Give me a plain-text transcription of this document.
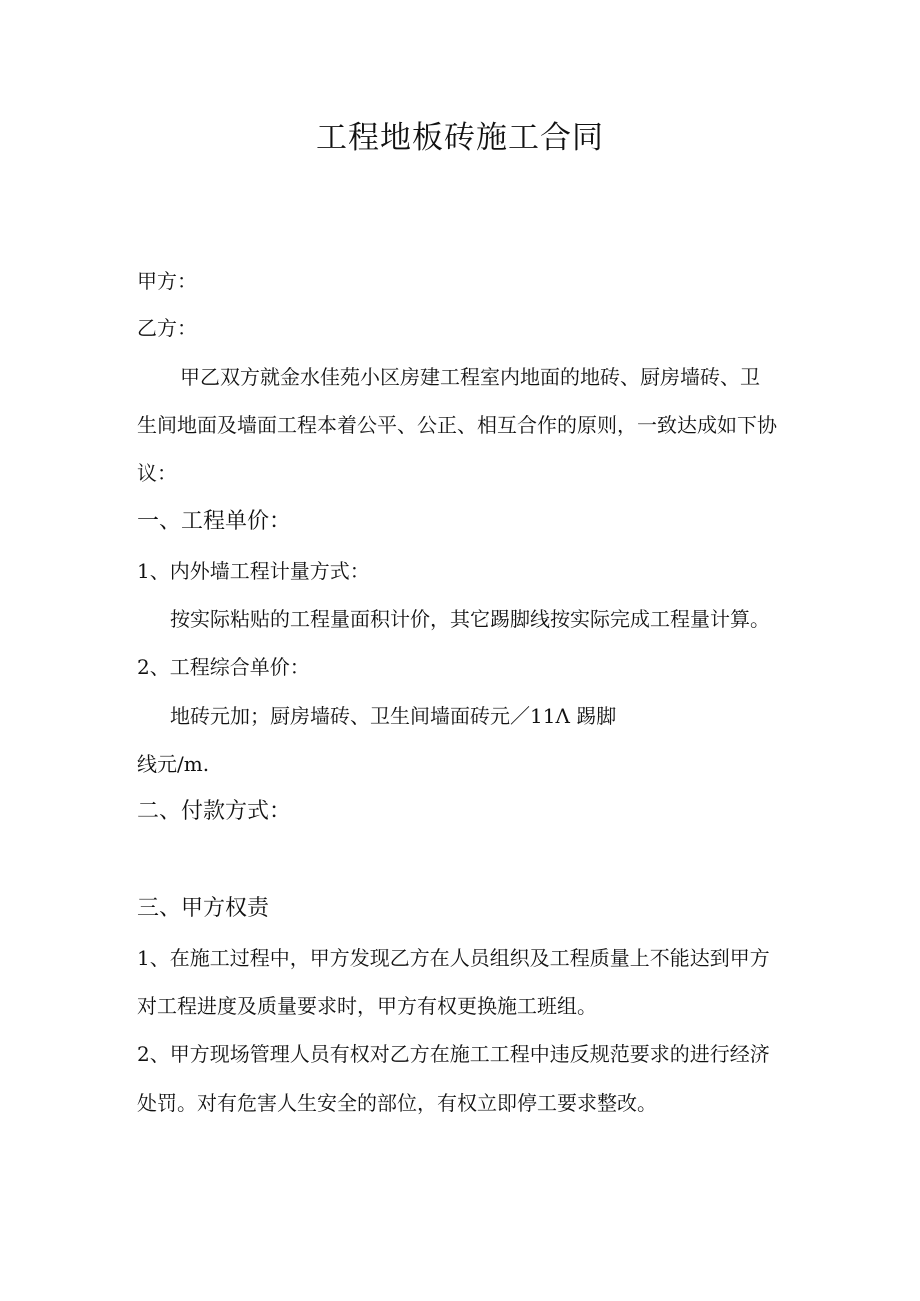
工程地板砖施工合同
甲方：
乙方：
甲乙双方就金水佳苑小区房建工程室内地面的地砖、厨房墙砖、卫
生间地面及墙面工程本着公平、公正、相互合作的原则，一致达成如下协
议：
一、工程单价：
1、内外墙工程计量方式：
按实际粘贴的工程量面积计价，其它踢脚线按实际完成工程量计算。
2、工程综合单价：
地砖元加；厨房墙砖、卫生间墙面砖元／11Λ 踢脚
线元/m.
二、付款方式：
三、甲方权责
1、在施工过程中，甲方发现乙方在人员组织及工程质量上不能达到甲方
对工程进度及质量要求时，甲方有权更换施工班组。
2、甲方现场管理人员有权对乙方在施工工程中违反规范要求的进行经济
处罚。对有危害人生安全的部位，有权立即停工要求整改。
